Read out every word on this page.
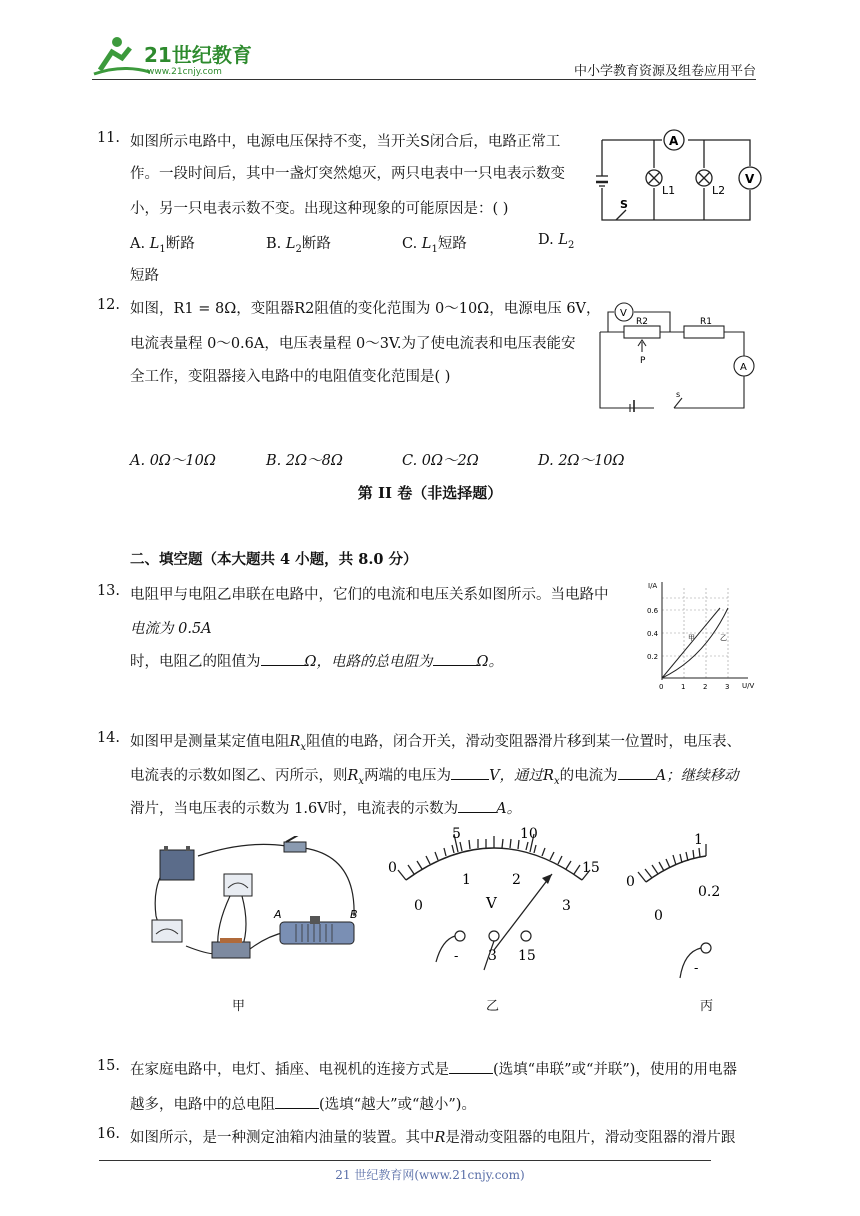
21世纪教育
www.21cnjy.com	中小学教育资源及组卷应用平台
11. 如图所示电路中，电源电压保持不变，当开关S闭合后，电路正常工
作。一段时间后，其中一盏灯突然熄灭，两只电表中一只电表示数变
小，另一只电表示数不变。出现这种现象的可能原因是：( )
A. $L_1$断路	B. $L_2$断路	C. $L_1$短路	D. $L_2$
短路
A
V
L1	L2
S
12. 如图，R1 = 8Ω，变阻器R2阻值的变化范围为 0～10Ω，电源电压 6V，
电流表量程 0～0.6A，电压表量程 0～3V.为了使电流表和电压表能安
全工作，变阻器接入电路中的电阻值变化范围是( )
A. 0Ω～10Ω	B. 2Ω～8Ω	C. 0Ω～2Ω	D. 2Ω～10Ω
V
R2	R1
A
P
s
第 II 卷（非选择题）
二、填空题（本大题共 4 小题，共 8.0 分）
13. 电阻甲与电阻乙串联在电路中，它们的电流和电压关系如图所示。当电路中
电流为 0.5A
时，电阻乙的阻值为	Ω，电路的总电阻为	Ω。
I/A
U/V
0.6
0.4
0.2
0	1	2	3
甲	乙
14. 如图甲是测量某定值电阻$R_x$阻值的电路，闭合开关，滑动变阻器滑片移到某一位置时，电压表、
电流表的示数如图乙、丙所示，则$R_x$两端的电压为	V，通过$R_x$的电流为	A；继续移动
滑片，当电压表的示数为 1.6V时，电流表的示数为	A。
A	B
0
5	10
15
0
1	2
3
V
- 3 15
0
1
0
0.2
-
甲	乙	丙
15. 在家庭电路中，电灯、插座、电视机的连接方式是	(选填“串联”或“并联”)，使用的用电器
越多，电路中的总电阻	(选填“越大”或“越小”)。
16. 如图所示，是一种测定油箱内油量的装置。其中R是滑动变阻器的电阻片，滑动变阻器的滑片跟
21 世纪教育网(www.21cnjy.com)
